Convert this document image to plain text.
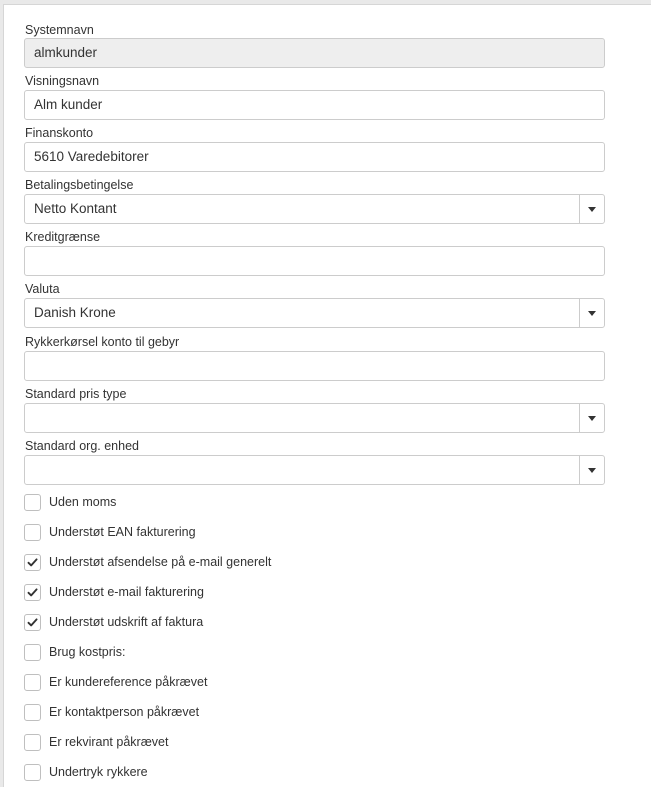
Systemnavn
almkunder
Visningsnavn
Alm kunder
Finanskonto
5610 Varedebitorer
Betalingsbetingelse
Netto Kontant
Kreditgrænse
Valuta
Danish Krone
Rykkerkørsel konto til gebyr
Standard pris type
Standard org. enhed
Uden moms
Understøt EAN fakturering
Understøt afsendelse på e-mail generelt
Understøt e-mail fakturering
Understøt udskrift af faktura
Brug kostpris:
Er kundereference påkrævet
Er kontaktperson påkrævet
Er rekvirant påkrævet
Undertryk rykkere
